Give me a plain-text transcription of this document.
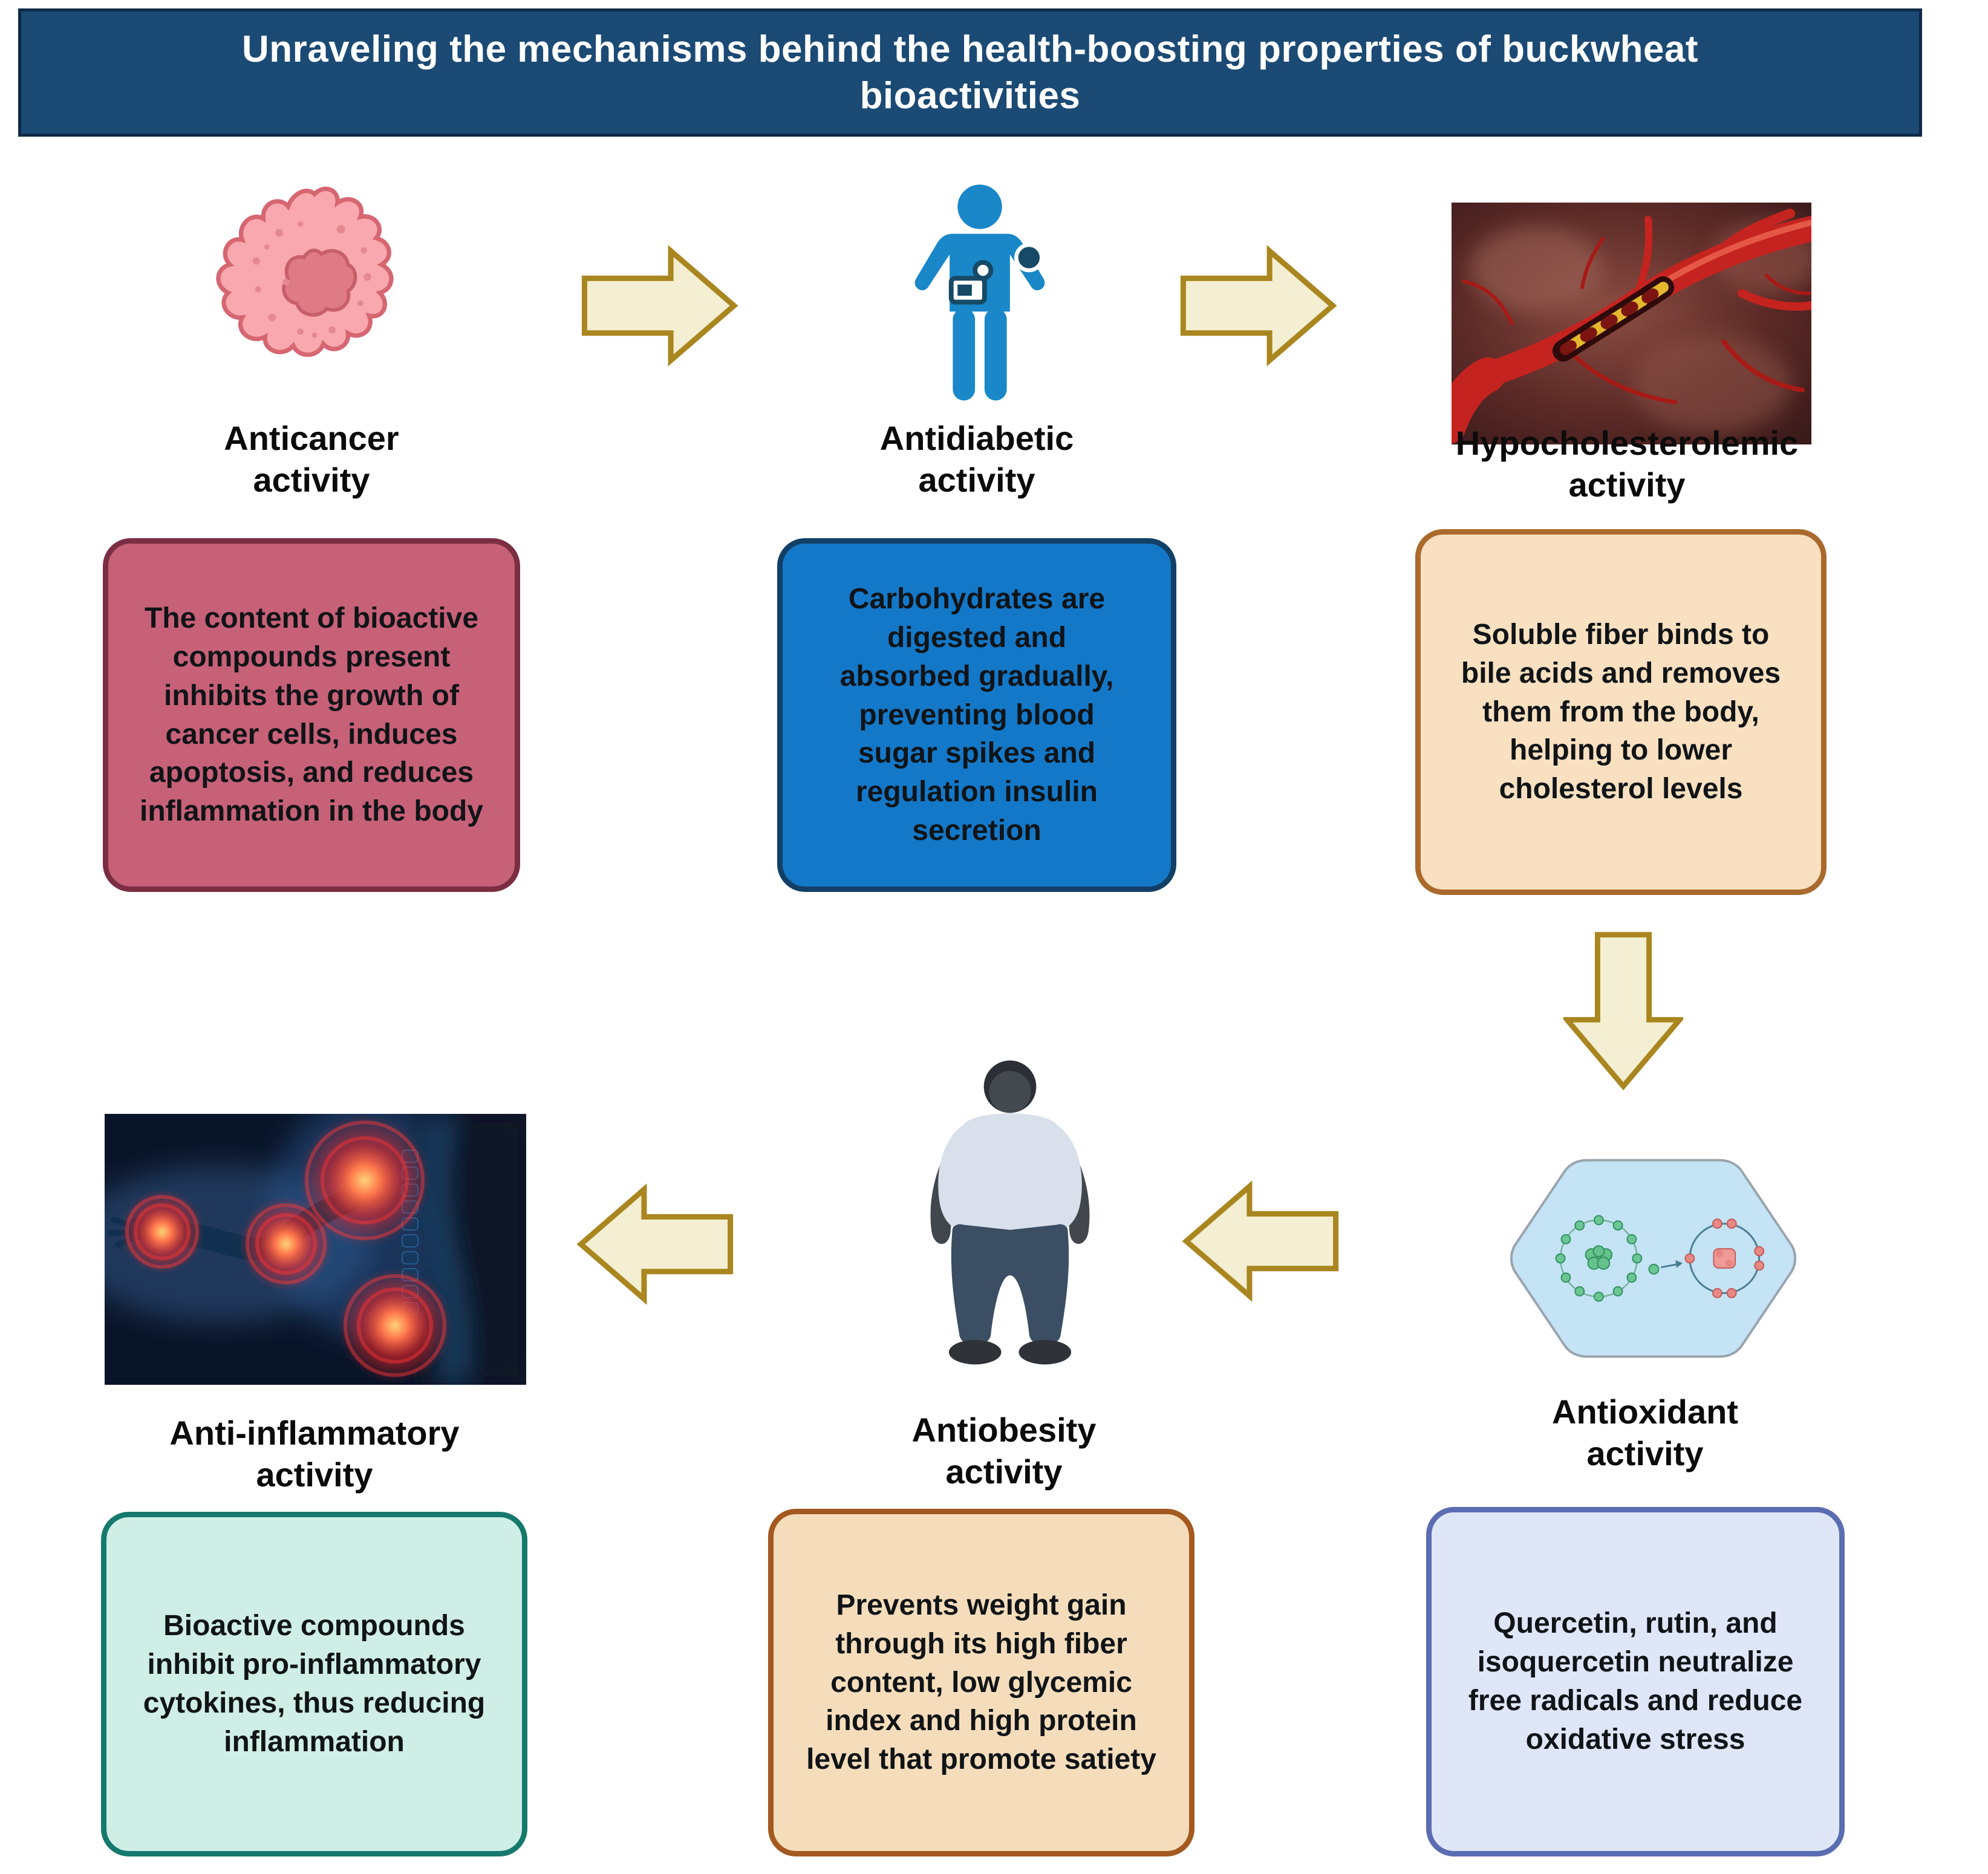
Unraveling the mechanisms behind the health-boosting properties of buckwheat
bioactivities
Anticancer
activity
Antidiabetic
activity
Hypocholesterolemic
activity

The content of bioactive compounds present inhibits the growth of cancer cells, induces apoptosis, and reduces inflammation in the body

Carbohydrates are digested and absorbed gradually, preventing blood sugar spikes and regulation insulin secretion

Soluble fiber binds to bile acids and removes them from the body, helping to lower cholesterol levels

Anti-inflammatory
activity
Antiobesity
activity
Antioxidant
activity

Bioactive compounds inhibit pro-inflammatory cytokines, thus reducing inflammation

Prevents weight gain through its high fiber content, low glycemic index and high protein level that promote satiety

Quercetin, rutin, and isoquercetin neutralize free radicals and reduce oxidative stress
